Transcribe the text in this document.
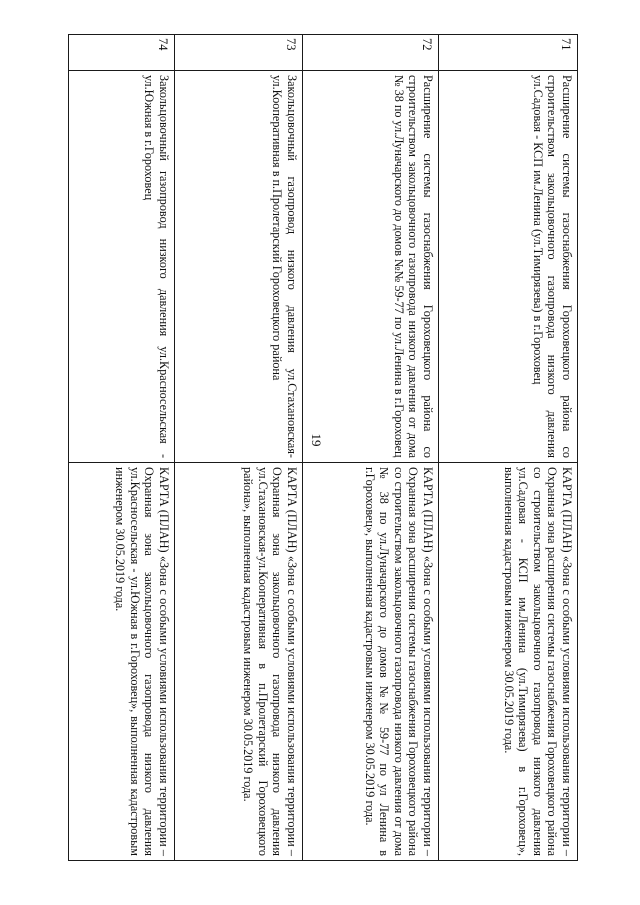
19
71	Расширение системы газоснабжения Гороховецкого района со строительством закольцовочного газопровода низкого давления ул.Садовая - КСП им.Ленина (ул.Тимирязева) в г.Гороховец	КАРТА (ПЛАН) «Зона с особыми условиями использования территории – Охранная зона расширения системы газоснабжения Гороховецкого района со строительством закольцовочного газопровода низкого давления ул.Садовая - КСП им.Ленина (ул.Тимирязева) в г.Гороховец», выполненная кадастровым инженером 30.05.2019 года.
72	Расширение системы газоснабжения Гороховецкого района со строительством закольцовочного газопровода низкого давления от дома № 38 по ул.Луначарского до домов №№ 59-77 по ул.Ленина в г.Гороховец	КАРТА (ПЛАН) «Зона с особыми условиями использования территории – Охранная зона расширения системы газоснабжения Гороховецкого района со строительством закольцовочного газопровода низкого давления от дома № 38 по ул.Луначарского до домов №№ 59-77 по ул Ленина в г.Гороховец», выполненная кадастровым инженером 30.05.2019 года.
73	Закольцовочный газопровод низкого давления ул.Стахановская-ул.Кооперативная в п.Пролетарский Гороховецкого района	КАРТА (ПЛАН) «Зона с особыми условиями использования территории – Охранная зона закольцовочного газопровода низкого давления ул.Стахановская-ул.Кооперативная в п.Пролетарский Гороховецкого района», выполненная кадастровым инженером 30.05.2019 года.
74	Закольцовочный газопровод низкого давления ул.Красносельская - ул.Южная в г.Гороховец	КАРТА (ПЛАН) «Зона с особыми условиями использования территории – Охранная зона закольцовочного газопровода низкого давления ул.Красносельская - ул.Южная в г.Гороховец», выполненная кадастровым инженером 30.05.2019 года.
